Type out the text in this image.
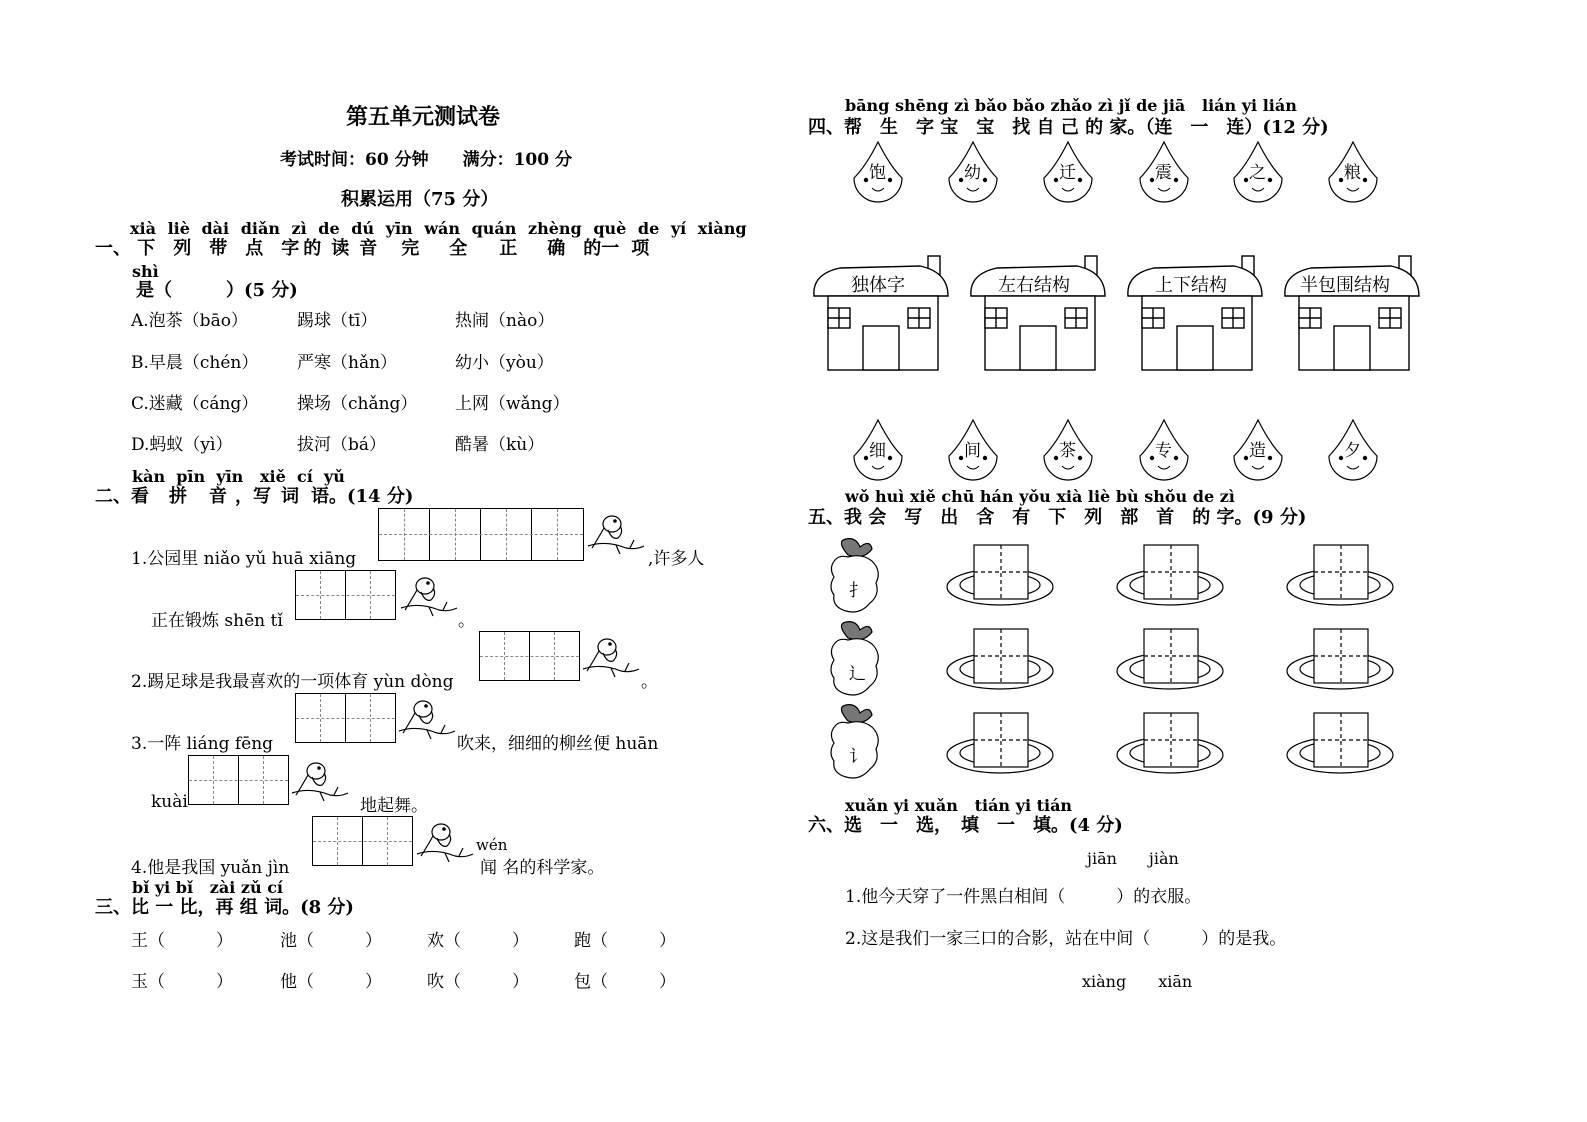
第五单元测试卷
考试时间：60 分钟　　满分：100 分
积累运用（75 分）
xià liè dài diǎn zì de dú yīn wán quán zhèng què de yí xiàng
一、 下 列 带 点 字 的 读 音 完 全 正 确 的一 项
shì
是（　　　）(5 分)
A.泡茶（bāo）	踢球（tī）	热闹（nào）
B.早晨（chén） 严寒（hǎn）	幼小（yòu）
C.迷藏（cáng） 操场（chǎng） 上网（wǎng）
D.蚂蚁（yì）	拔河（bá）	酷暑（kù）
kàn pīn yīn xiě cí yǔ
二、看 拼 音 ，写 词 语。(14 分)
1.公园里 niǎo yǔ huā xiāng	,许多人
正在锻炼 shēn tǐ	。
2.踢足球是我最喜欢的一项体育 yùn dòng	。
3.一阵 liáng fēng	吹来，细细的柳丝便 huān
kuài	地起舞。
4.他是我国 yuǎn jìn
wén
闻 名的科学家。
bǐ yi bǐ zài zǔ cí
三、比 一 比，再 组 词。(8 分)
王（　　　）	池（　　　）	欢（　　　）	跑（　　　）
玉（　　　）	他（　　　）	吹（　　　）	包（　　　）
bāng shēng zì bǎo bǎo zhǎo zì jǐ de jiā lián yi lián
四、帮　生　字 宝　宝　找 自 己 的 家。（连　一　连）(12 分)
饱	幼	迁	震	之	粮
独体字	左右结构	上下结构	半包围结构
细	间	茶	专	造	夕
wǒ huì xiě chū hán yǒu xià liè bù shǒu de zì
五、我 会　写　出　含　有　下　列　部　首　的 字。(9 分)
扌
辶
讠
xuǎn yi xuǎn tián yi tián
六、选　一　选，　填　一　填。(4 分)
jiān　　jiàn
1.他今天穿了一件黑白相间（　　　）的衣服。
2.这是我们一家三口的合影，站在中间（　　　）的是我。
xiàng　　xiān
